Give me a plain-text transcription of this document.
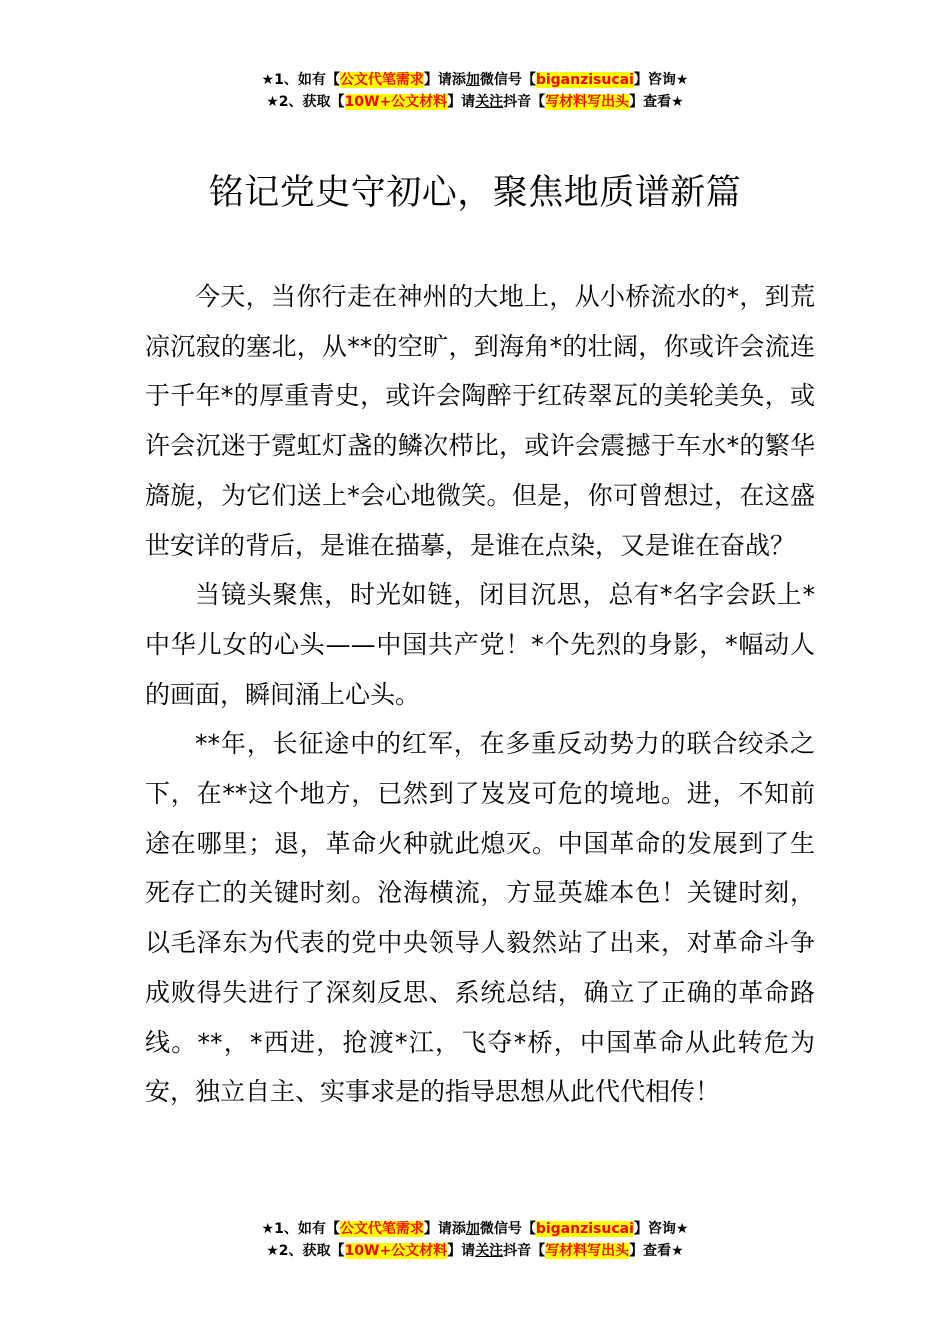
★1、如有【公文代笔需求】请添加微信号【biganzisucai】咨询★
★2、获取【10W+公文材料】请关注抖音【写材料写出头】查看★
铭记党史守初心，聚焦地质谱新篇

今天，当你行走在神州的大地上，从小桥流水的*，到荒凉沉寂的塞北，从**的空旷，到海角*的壮阔，你或许会流连于千年*的厚重青史，或许会陶醉于红砖翠瓦的美轮美奂，或许会沉迷于霓虹灯盏的鳞次栉比，或许会震撼于车水*的繁华旖旎，为它们送上*会心地微笑。但是，你可曾想过，在这盛世安详的背后，是谁在描摹，是谁在点染，又是谁在奋战？

当镜头聚焦，时光如链，闭目沉思，总有*名字会跃上*中华儿女的心头——中国共产党！*个先烈的身影，*幅动人的画面，瞬间涌上心头。

**年，长征途中的红军，在多重反动势力的联合绞杀之下，在**这个地方，已然到了岌岌可危的境地。进，不知前途在哪里；退，革命火种就此熄灭。中国革命的发展到了生死存亡的关键时刻。沧海横流，方显英雄本色！关键时刻，以毛泽东为代表的党中央领导人毅然站了出来，对革命斗争成败得失进行了深刻反思、系统总结，确立了正确的革命路线。**，*西进，抢渡*江，飞夺*桥，中国革命从此转危为安，独立自主、实事求是的指导思想从此代代相传！

★1、如有【公文代笔需求】请添加微信号【biganzisucai】咨询★
★2、获取【10W+公文材料】请关注抖音【写材料写出头】查看★
